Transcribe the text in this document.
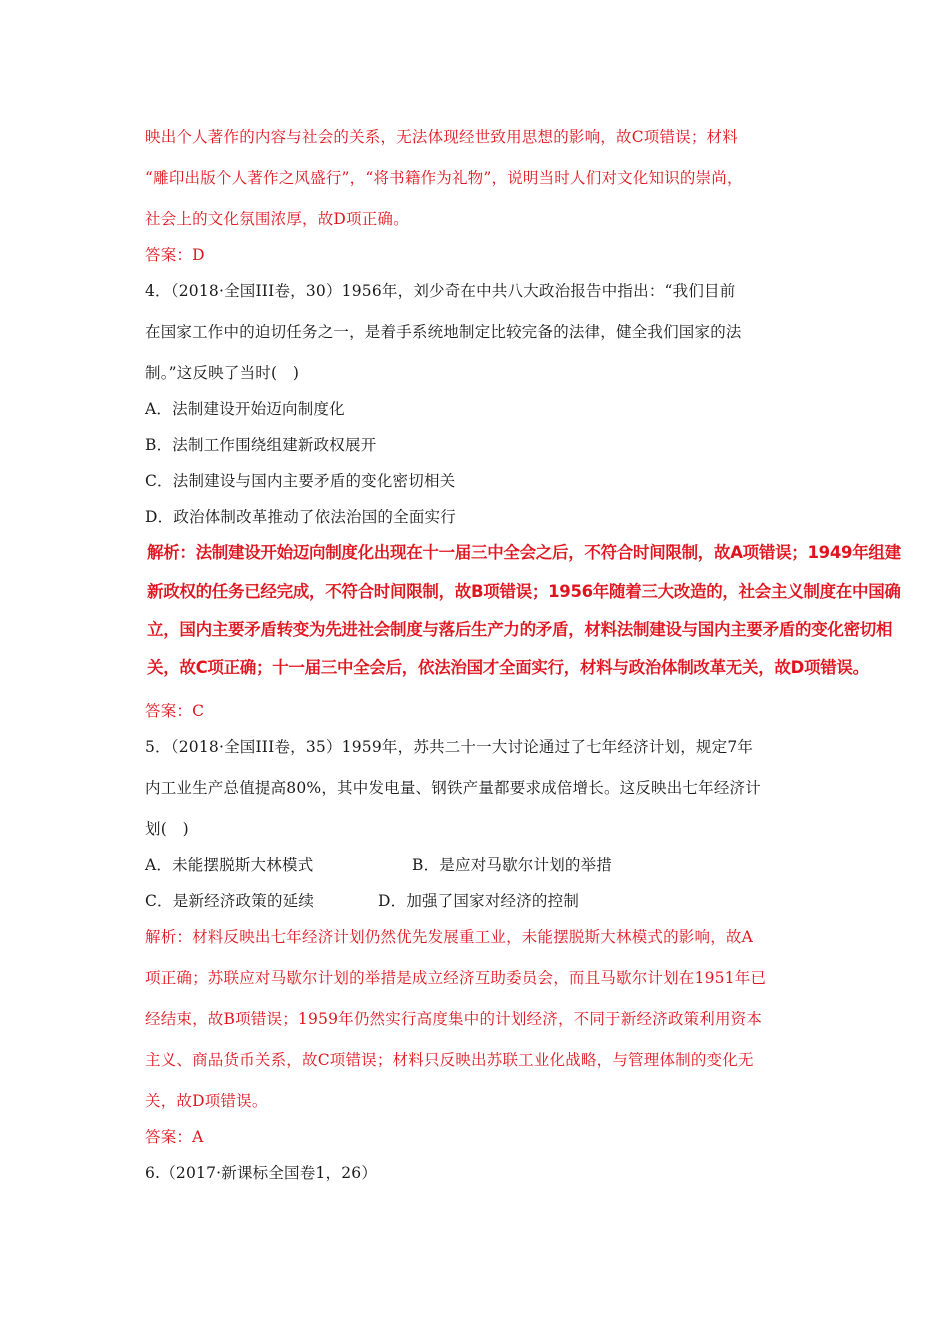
映出个人著作的内容与社会的关系，无法体现经世致用思想的影响，故C项错误；材料
“雕印出版个人著作之风盛行”，“将书籍作为礼物”，说明当时人们对文化知识的崇尚，
社会上的文化氛围浓厚，故D项正确。
答案：D
4．（2018·全国III卷，30）1956年，刘少奇在中共八大政治报告中指出：“我们目前
在国家工作中的迫切任务之一，是着手系统地制定比较完备的法律，健全我们国家的法
制。”这反映了当时(　)
A．法制建设开始迈向制度化
B．法制工作围绕组建新政权展开
C．法制建设与国内主要矛盾的变化密切相关
D．政治体制改革推动了依法治国的全面实行
解析：法制建设开始迈向制度化出现在十一届三中全会之后，不符合时间限制，故A项错误；1949年组建
新政权的任务已经完成，不符合时间限制，故B项错误；1956年随着三大改造的，社会主义制度在中国确
立，国内主要矛盾转变为先进社会制度与落后生产力的矛盾，材料法制建设与国内主要矛盾的变化密切相
关，故C项正确；十一届三中全会后，依法治国才全面实行，材料与政治体制改革无关，故D项错误。
答案：C
5．（2018·全国III卷，35）1959年，苏共二十一大讨论通过了七年经济计划，规定7年
内工业生产总值提高80%，其中发电量、钢铁产量都要求成倍增长。这反映出七年经济计
划(　)
A．未能摆脱斯大林模式	B．是应对马歇尔计划的举措
C．是新经济政策的延续	D．加强了国家对经济的控制
解析：材料反映出七年经济计划仍然优先发展重工业，未能摆脱斯大林模式的影响，故A
项正确；苏联应对马歇尔计划的举措是成立经济互助委员会，而且马歇尔计划在1951年已
经结束，故B项错误；1959年仍然实行高度集中的计划经济，不同于新经济政策利用资本
主义、商品货币关系，故C项错误；材料只反映出苏联工业化战略，与管理体制的变化无
关，故D项错误。
答案：A
6.（2017·新课标全国卷1，26）
